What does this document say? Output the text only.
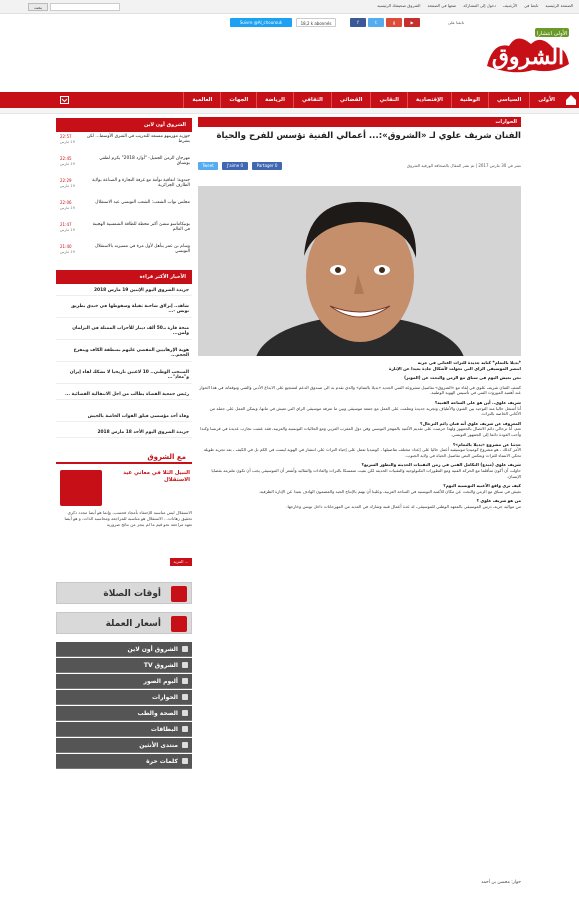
الصفحة الرئيسية
تابعنا في
الأرشيف
دخول إلى المشاركة
ضعها في الصفحة
الشروق صحيفتك الرئيسية
بحث
Suivre @Al_chourouk	18,2 k abonnés	f	t	g	▶	تابعنا على
الشروق
الأولى انتشارا
الأولى
السياسي
الوطنية
الإقتصادية
النقابي
القضائي
الثقافي
الرياضة
الجهات
العالمية
الشروق أون لاين
22:57
19 مارس
جوزيه مورينهو مستعد للتدريب في الشرق الأوسط... لكن بشرط
22:45
19 مارس
مهرجان الزمن الجميل- "أوارد 2018" يكرم لطفي بوشناق
22:29
19 مارس
جندوبة: اتفاقية توأمة مع غرفة التجارة و الصناعة بولاية الطارف الجزائرية
22:06
19 مارس
مجلس نواب الشعب: الشعب التونسي عيد الاستقلال
21:47
19 مارس
بوتيكاماسو تنشئ أكبر محطة للطاقة الشمسية الهجينة في العالم
21:40
19 مارس
وسام بن عمر يتأهل لأول مرة في مسيرته بالاستقلال التونسي
الأخبار الأكثر قراءة
جريدة الشروق اليوم الإثنين 19 مارس 2018
شاهد.. إنزلاق شاحنة ثقيلة وسقوطها في خندق بطريق تونس -...
منحة قارة بـ50 ألف دينار للأحزاب الممثلة في البرلمان ولمن...
هوية الإرهابيين المقضي عليهم بمنطقة الكاف ويتفرع الحجم...
المنتخب الوطني.. 10 لاعبين تاريخيا لا تشكك لقاء إيران و"معاذ"...
رئيس جمعية القضاة يطالب من اجل الانتقالية القضائية ...
وفاة أحد مؤسسي فيلق القوات الخاصة بالجيش
جريدة الشروق اليوم الأحد 18 مارس 2018
مع الشروق
النبيل الثلا في معاني عيد الاستقلال
الاستقلال ليس مناسبة للإحتفاء بأمجاد فحسب، وإنما هو أيضا مجدد ذكرى تحقيق رهانات... الاستقلال هو مناسبة للمراجعة ومحاسبة الذات، و هو أيضا تعهد مراجعة نحو قيم ما لم ينجز من نتائج ضرورية
المزيد ...
أوقات الصلاة
أسعار العملة
الشروق أون لاين
الشروق TV
ألبوم الصور
الحوارات
الصحة والطب
البطاقات
منتدى الأنثين
كلمات حرة
الحوارات
الفنان شريف علوي لـ «الشروق»:... أعمالي الفنية تؤسس للفرح والحياة
نشر في 30 مارس 2017 | تم نشر المقال بالصحافة الورقية الشروق
Tweet	J'aime 0	Partager 0

*بديلا بالتمام* كتابة جديدة للتراث الغنائي في جربة

انتصر الموسيقى الراي التي تحولت لأشكال جادة بعيدا عن الإثارة

نحن نعيش اليوم في سباق مع الزمن والبحث عن (الموبز)

كشف الفنان شريف علوي في لقاء مع «الشروق» تفاصيل مشروعه الفني الجديد «بديلا بالتمام» والذي تقدم به الى صندوق الدعم لتشجيع على الابداع الأدبي والفني وتوقعاته في هذا الحوار عند أهمية الموروث الفني في تأسيس الهوية الوطنية.

شريف علوي.. أين هو على الساحة الفنية؟

أنا أشتغل حاليا منذ التوحيد بين الفنون والأطياف وتجربة جديدة وتعلمت على العمل مع جمعة موسيقى وبين ما تعرفه موسيقى الراي التي تعيش في ماتها، ويمكن العمل على جملة من الأغاني الخاصة بالتراث.

المعروف عن شريف علوي أنه فنان دائم الترحال؟

نعم، أنا ترحالي دائم الاتصال بالجمهور ولهذا حرصت على تقديم الأغنية بالمهجر التونسي وفي دول المغرب العربي ومع الجاليات التونسية والعربية، فقد عشت تجارب عديدة في فرنسا وكندا وأحب العودة دائما إلى الجمهور التونسي.

حدثنا عن مشروع «بديلا بالتمام»؟

الأمر كذلك ، هو مشروع كوميديا موسيقية أعمل حاليا على إعداد مختلف تفاصيلها ، كوميديا تعمل على إحياء التراث على انتشار في الهوية ليست في الكم بل في الكيف ، بعد تجربة طويلة تحكي الانتماء للتراث ويعكس النص تفاصيل الحياة في ولاية الجنوب.

شريف علوي (مبدع) التكامل الفني في زمن التقنيات الحديثة والتطور السريع؟

حاولت أن أكون متأقلما مع الحركة الفنية ومع التطورات التكنولوجية والتقنيات الحديثة لكن بقيت متمسكا بالتراث والعادات والتقاليد وأشعر أن الموسيقى يجب أن تكون ملتزمة بقضايا الإنسان.

كيف ترى واقع الأغنية التونسية اليوم؟

نعيش في سباق مع الزمن والبحث عن مكان للأغنية التونسية في الساحة العربية، وعلينا أن نهتم بالإنتاج الجيد والمضمون الهادف بعيدا عن الإثارة الظرفية.

من هو شريف علوي ؟

من مواليد جربة، درس الموسيقى بالمعهد الوطني للموسيقى، له عدة أعمال فنية وشارك في العديد من المهرجانات داخل تونس وخارجها.

حوار: محسن بن أحمد
